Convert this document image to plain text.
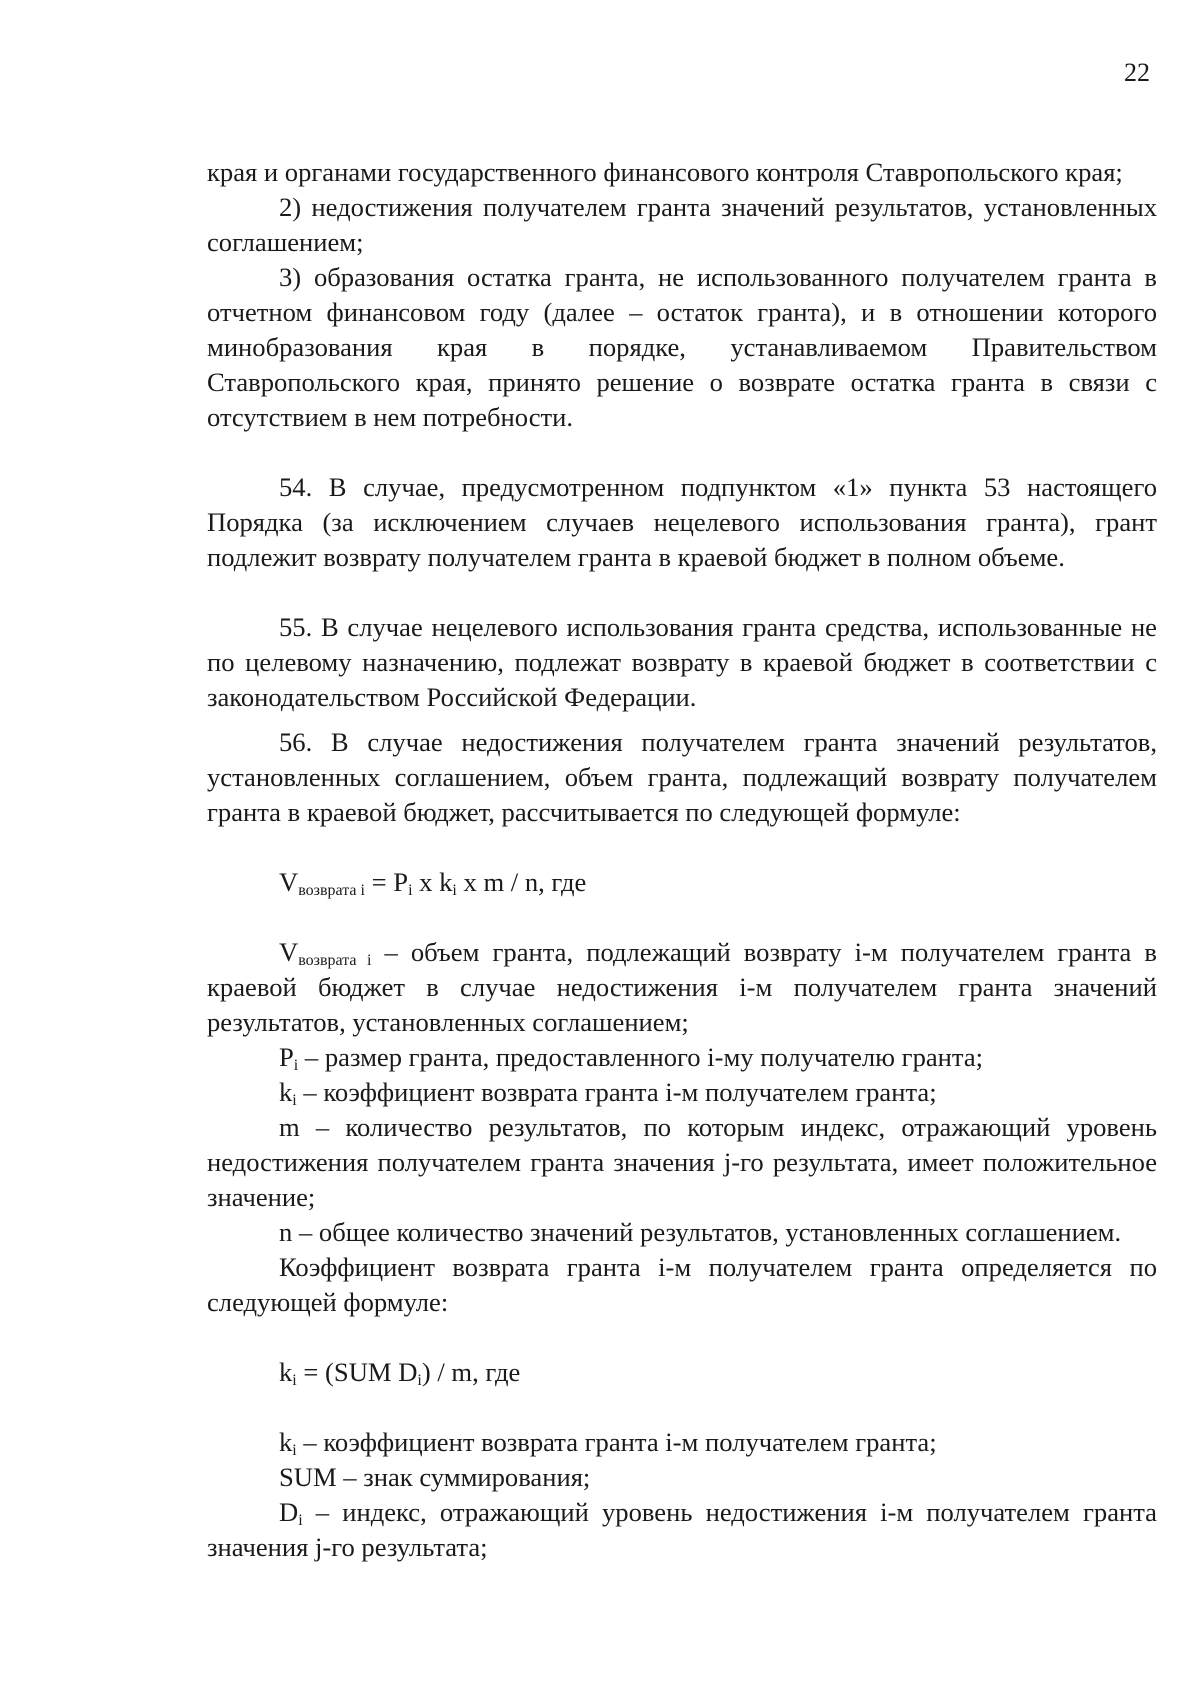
22

края и органами государственного финансового контроля Ставропольского края;

2) недостижения получателем гранта значений результатов, установленных соглашением;

3) образования остатка гранта, не использованного получателем гранта в отчетном финансовом году (далее – остаток гранта), и в отношении которого минобразования края в порядке, устанавливаемом Правительством Ставропольского края, принято решение о возврате остатка гранта в связи с отсутствием в нем потребности.

54. В случае, предусмотренном подпунктом «1» пункта 53 настоящего Порядка (за исключением случаев нецелевого использования гранта), грант подлежит возврату получателем гранта в краевой бюджет в полном объеме.

55. В случае нецелевого использования гранта средства, использованные не по целевому назначению, подлежат возврату в краевой бюджет в соответствии с законодательством Российской Федерации.

56. В случае недостижения получателем гранта значений результатов, установленных соглашением, объем гранта, подлежащий возврату получателем гранта в краевой бюджет, рассчитывается по следующей формуле:

$V_{возврата i} = P_i$ x $k_i$ x m / n, где

$V_{возврата i}$ – объем гранта, подлежащий возврату i-м получателем гранта в краевой бюджет в случае недостижения i-м получателем гранта значений результатов, установленных соглашением;

$P_i$ – размер гранта, предоставленного i-му получателю гранта;

$k_i$ – коэффициент возврата гранта i-м получателем гранта;

m – количество результатов, по которым индекс, отражающий уровень недостижения получателем гранта значения j-го результата, имеет положительное значение;

n – общее количество значений результатов, установленных соглашением.

Коэффициент возврата гранта i-м получателем гранта определяется по следующей формуле:

$k_i = (SUM$ $D_i$) / m, где

$k_i$ – коэффициент возврата гранта i-м получателем гранта;

SUM – знак суммирования;

$D_i$ – индекс, отражающий уровень недостижения i-м получателем гранта значения j-го результата;
